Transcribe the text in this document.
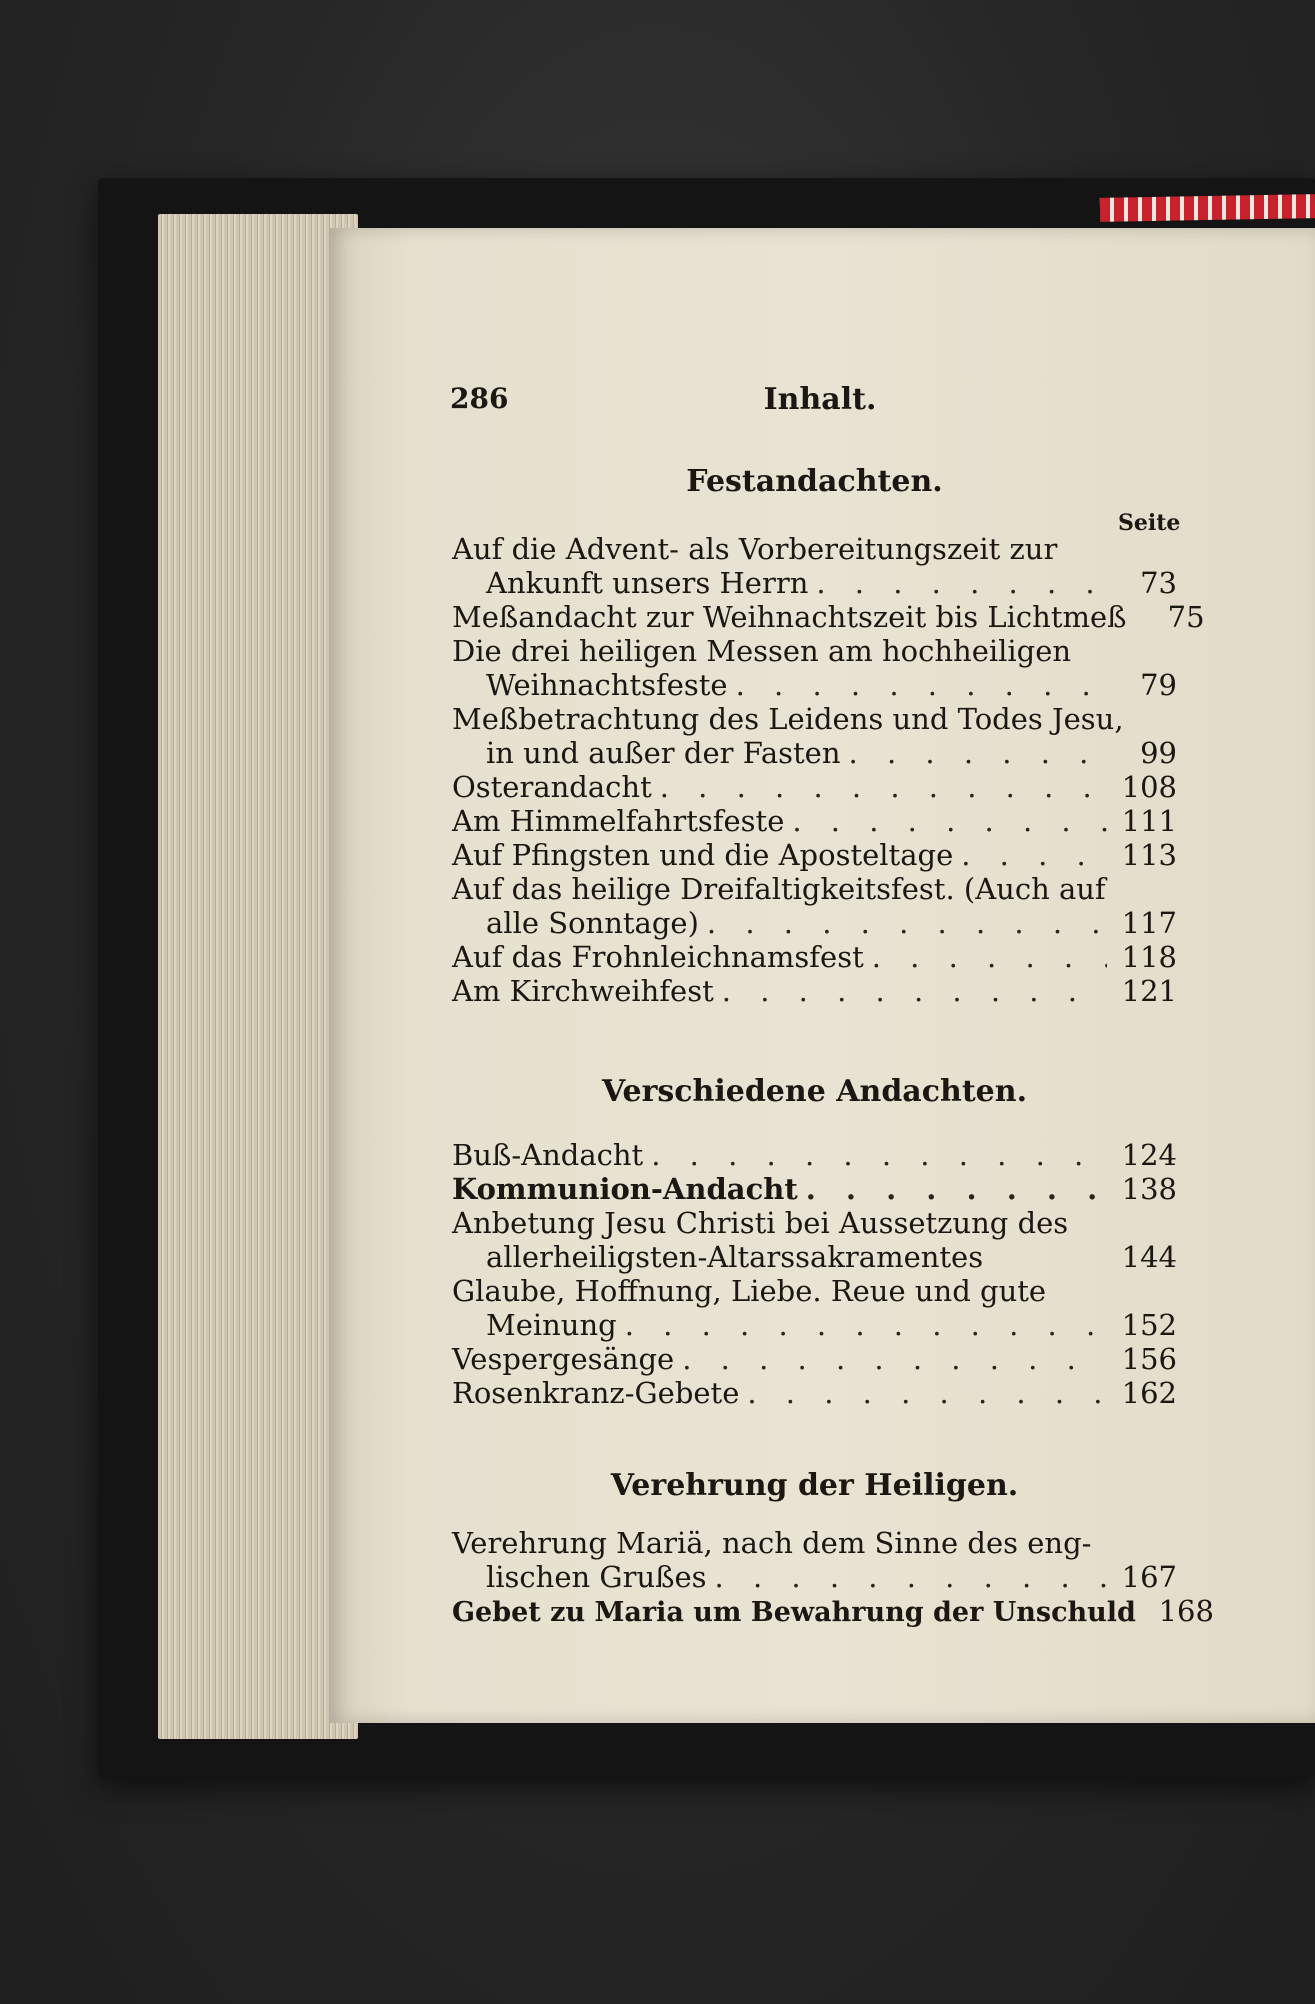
286	Inhalt.
Festandachten.
Seite
Auf die Advent- als Vorbereitungszeit zur
Ankunft unsers Herrn . . .	73
Meßandacht zur Weihnachtszeit bis Lichtmeß	75
Die drei heiligen Messen am hochheiligen
Weihnachtsfeste . . .	79
Meßbetrachtung des Leidens und Todes Jesu,
in und außer der Fasten . . .	99
Osterandacht . . .	108
Am Himmelfahrtsfeste . . .	111
Auf Pfingsten und die Aposteltage . . .	113
Auf das heilige Dreifaltigkeitsfest. (Auch auf
alle Sonntage) . . .	117
Auf das Frohnleichnamsfest . . .	118
Am Kirchweihfest . . .	121
Verschiedene Andachten.
Buß-Andacht . . .	124
Kommunion-Andacht . . .	138
Anbetung Jesu Christi bei Aussetzung des
allerheiligsten-Altarssakramentes	144
Glaube, Hoffnung, Liebe. Reue und gute
Meinung . . .	152
Vespergesänge . . .	156
Rosenkranz-Gebete . . .	162
Verehrung der Heiligen.
Verehrung Mariä, nach dem Sinne des eng-
lischen Grußes . . .	167
Gebet zu Maria um Bewahrung der Unschuld 168
